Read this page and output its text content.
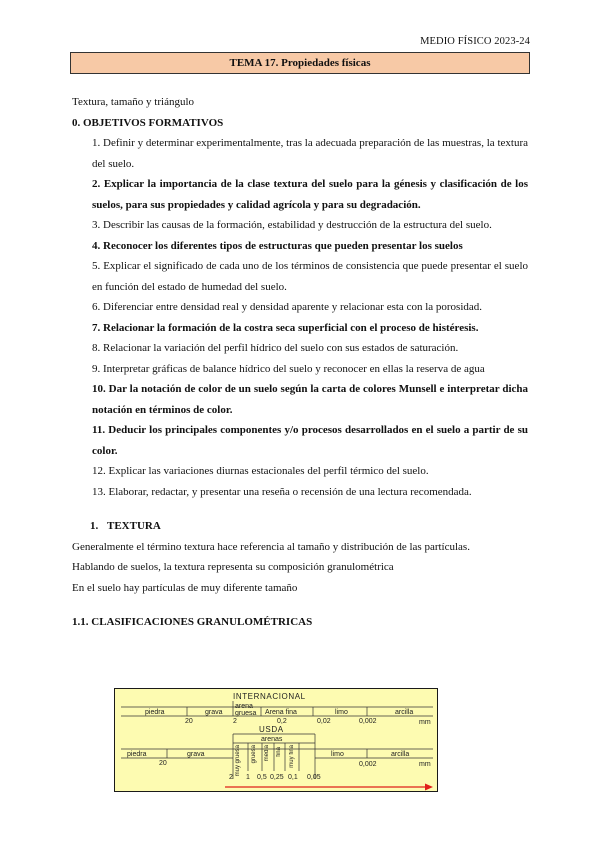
MEDIO FÍSICO 2023-24
TEMA 17. Propiedades físicas

Textura, tamaño y triángulo

0. OBJETIVOS FORMATIVOS

1. Definir y determinar experimentalmente, tras la adecuada preparación de las muestras, la textura del suelo.

2. Explicar la importancia de la clase textura del suelo para la génesis y clasificación de los suelos, para sus propiedades y calidad agrícola y para su degradación.

3. Describir las causas de la formación, estabilidad y destrucción de la estructura del suelo.

4. Reconocer los diferentes tipos de estructuras que pueden presentar los suelos

5. Explicar el significado de cada uno de los términos de consistencia que puede presentar el suelo en función del estado de humedad del suelo.

6. Diferenciar entre densidad real y densidad aparente y relacionar esta con la porosidad.

7. Relacionar la formación de la costra seca superficial con el proceso de histéresis.

8. Relacionar la variación del perfil hídrico del suelo con sus estados de saturación.

9. Interpretar gráficas de balance hídrico del suelo y reconocer en ellas la reserva de agua

10. Dar la notación de color de un suelo según la carta de colores Munsell e interpretar dicha notación en términos de color.

11. Deducir los principales componentes y/o procesos desarrollados en el suelo a partir de su color.

12. Explicar las variaciones diurnas estacionales del perfil térmico del suelo.

13. Elaborar, redactar, y presentar una reseña o recensión de una lectura recomendada.

1. TEXTURA

Generalmente el término textura hace referencia al tamaño y distribución de las partículas.

Hablando de suelos, la textura representa su composición granulométrica

En el suelo hay partículas de muy diferente tamaño

1.1. CLASIFICACIONES GRANULOMÉTRICAS

INTERNACIONAL
piedra	grava
arena
gruesa Arena fina	limo	arcilla
20	2	0,2	0,02	0,002	mm
USDA
arenas
piedra	grava	limo	arcilla
muy gruesa gruesa media fina muy fina
20	0,002	mm
2 1 0,5 0,25 0,1 0,05
